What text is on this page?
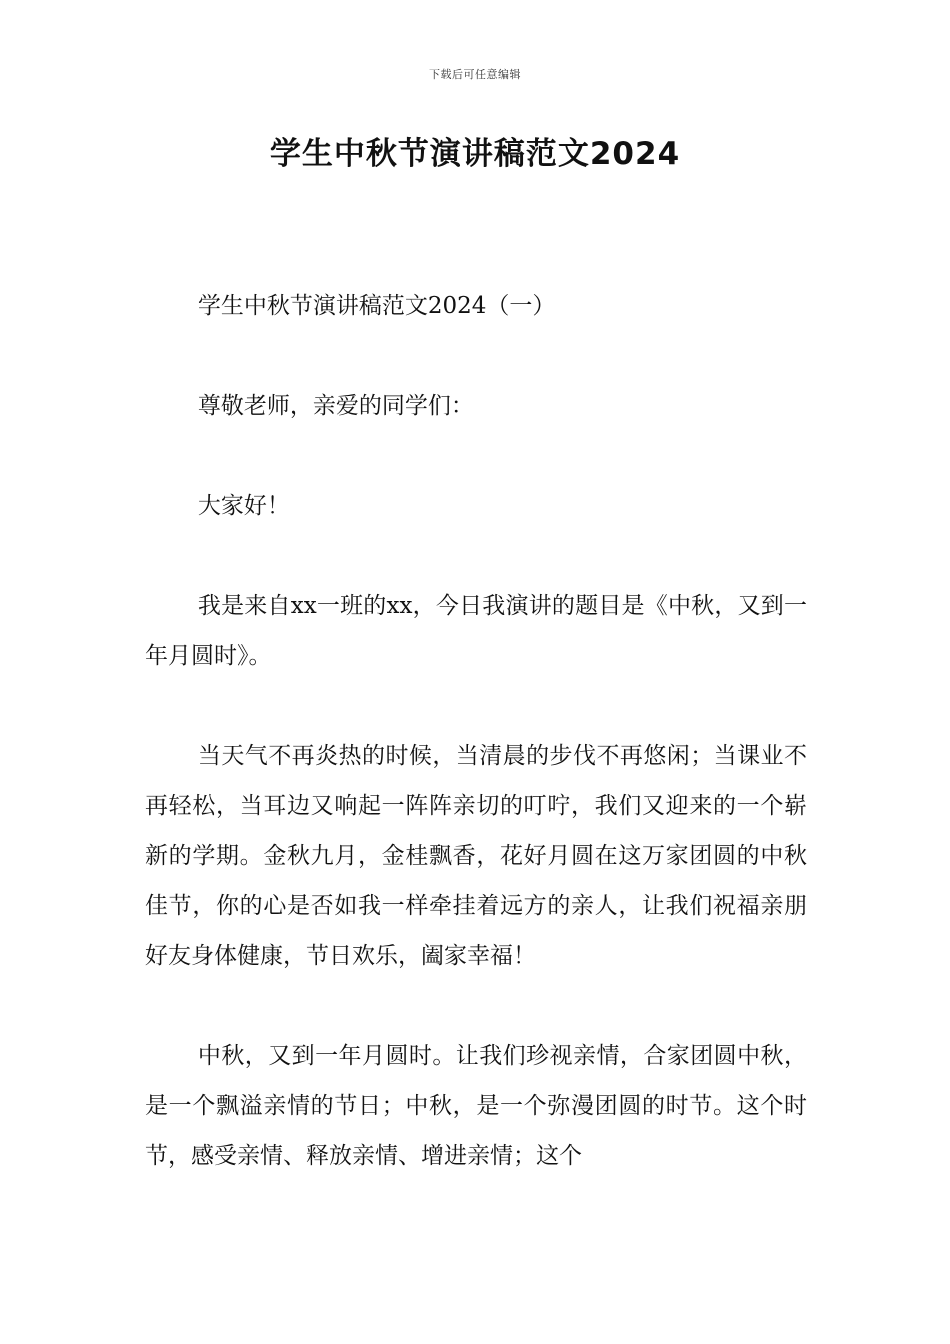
下载后可任意编辑
学生中秋节演讲稿范文2024

学生中秋节演讲稿范文2024（一）

尊敬老师，亲爱的同学们：

大家好！

我是来自xx一班的xx，今日我演讲的题目是《中秋，又到一年月圆时》。

当天气不再炎热的时候，当清晨的步伐不再悠闲；当课业不再轻松，当耳边又响起一阵阵亲切的叮咛，我们又迎来的一个崭新的学期。金秋九月，金桂飘香，花好月圆在这万家团圆的中秋佳节，你的心是否如我一样牵挂着远方的亲人，让我们祝福亲朋好友身体健康，节日欢乐，阖家幸福！

中秋，又到一年月圆时。让我们珍视亲情，合家团圆中秋，是一个飘溢亲情的节日；中秋，是一个弥漫团圆的时节。这个时节，感受亲情、释放亲情、增进亲情；这个
